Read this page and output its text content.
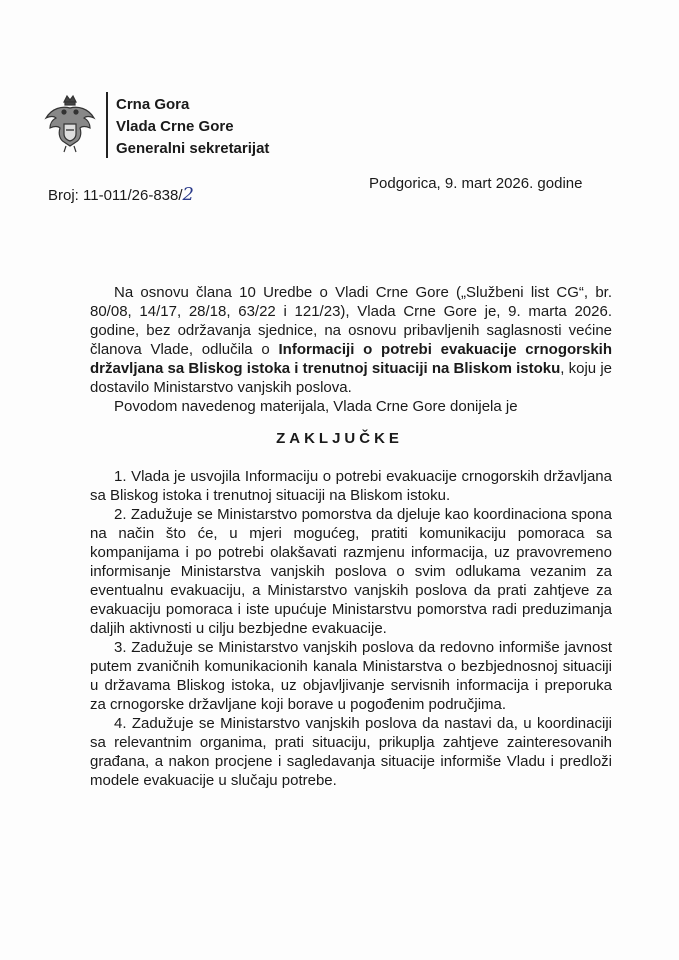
Crna Gora
Vlada Crne Gore
Generalni sekretarijat
Broj: 11-011/26-838/2
Podgorica, 9. mart 2026. godine

Na osnovu člana 10 Uredbe o Vladi Crne Gore („Službeni list CG“, br. 80/08, 14/17, 28/18, 63/22 i 121/23), Vlada Crne Gore je, 9. marta 2026. godine, bez održavanja sjednice, na osnovu pribavljenih saglasnosti većine članova Vlade, odlučila o Informaciji o potrebi evakuacije crnogorskih državljana sa Bliskog istoka i trenutnoj situaciji na Bliskom istoku, koju je dostavilo Ministarstvo vanjskih poslova.

Povodom navedenog materijala, Vlada Crne Gore donijela je

ZAKLJUČKE

1. Vlada je usvojila Informaciju o potrebi evakuacije crnogorskih državljana sa Bliskog istoka i trenutnoj situaciji na Bliskom istoku.

2. Zadužuje se Ministarstvo pomorstva da djeluje kao koordinaciona spona na način što će, u mjeri mogućeg, pratiti komunikaciju pomoraca sa kompanijama i po potrebi olakšavati razmjenu informacija, uz pravovremeno informisanje Ministarstva vanjskih poslova o svim odlukama vezanim za eventualnu evakuaciju, a Ministarstvo vanjskih poslova da prati zahtjeve za evakuaciju pomoraca i iste upućuje Ministarstvu pomorstva radi preduzimanja daljih aktivnosti u cilju bezbjedne evakuacije.

3. Zadužuje se Ministarstvo vanjskih poslova da redovno informiše javnost putem zvaničnih komunikacionih kanala Ministarstva o bezbjednosnoj situaciji u državama Bliskog istoka, uz objavljivanje servisnih informacija i preporuka za crnogorske državljane koji borave u pogođenim područjima.

4. Zadužuje se Ministarstvo vanjskih poslova da nastavi da, u koordinaciji sa relevantnim organima, prati situaciju, prikuplja zahtjeve zainteresovanih građana, a nakon procjene i sagledavanja situacije informiše Vladu i predloži modele evakuacije u slučaju potrebe.
